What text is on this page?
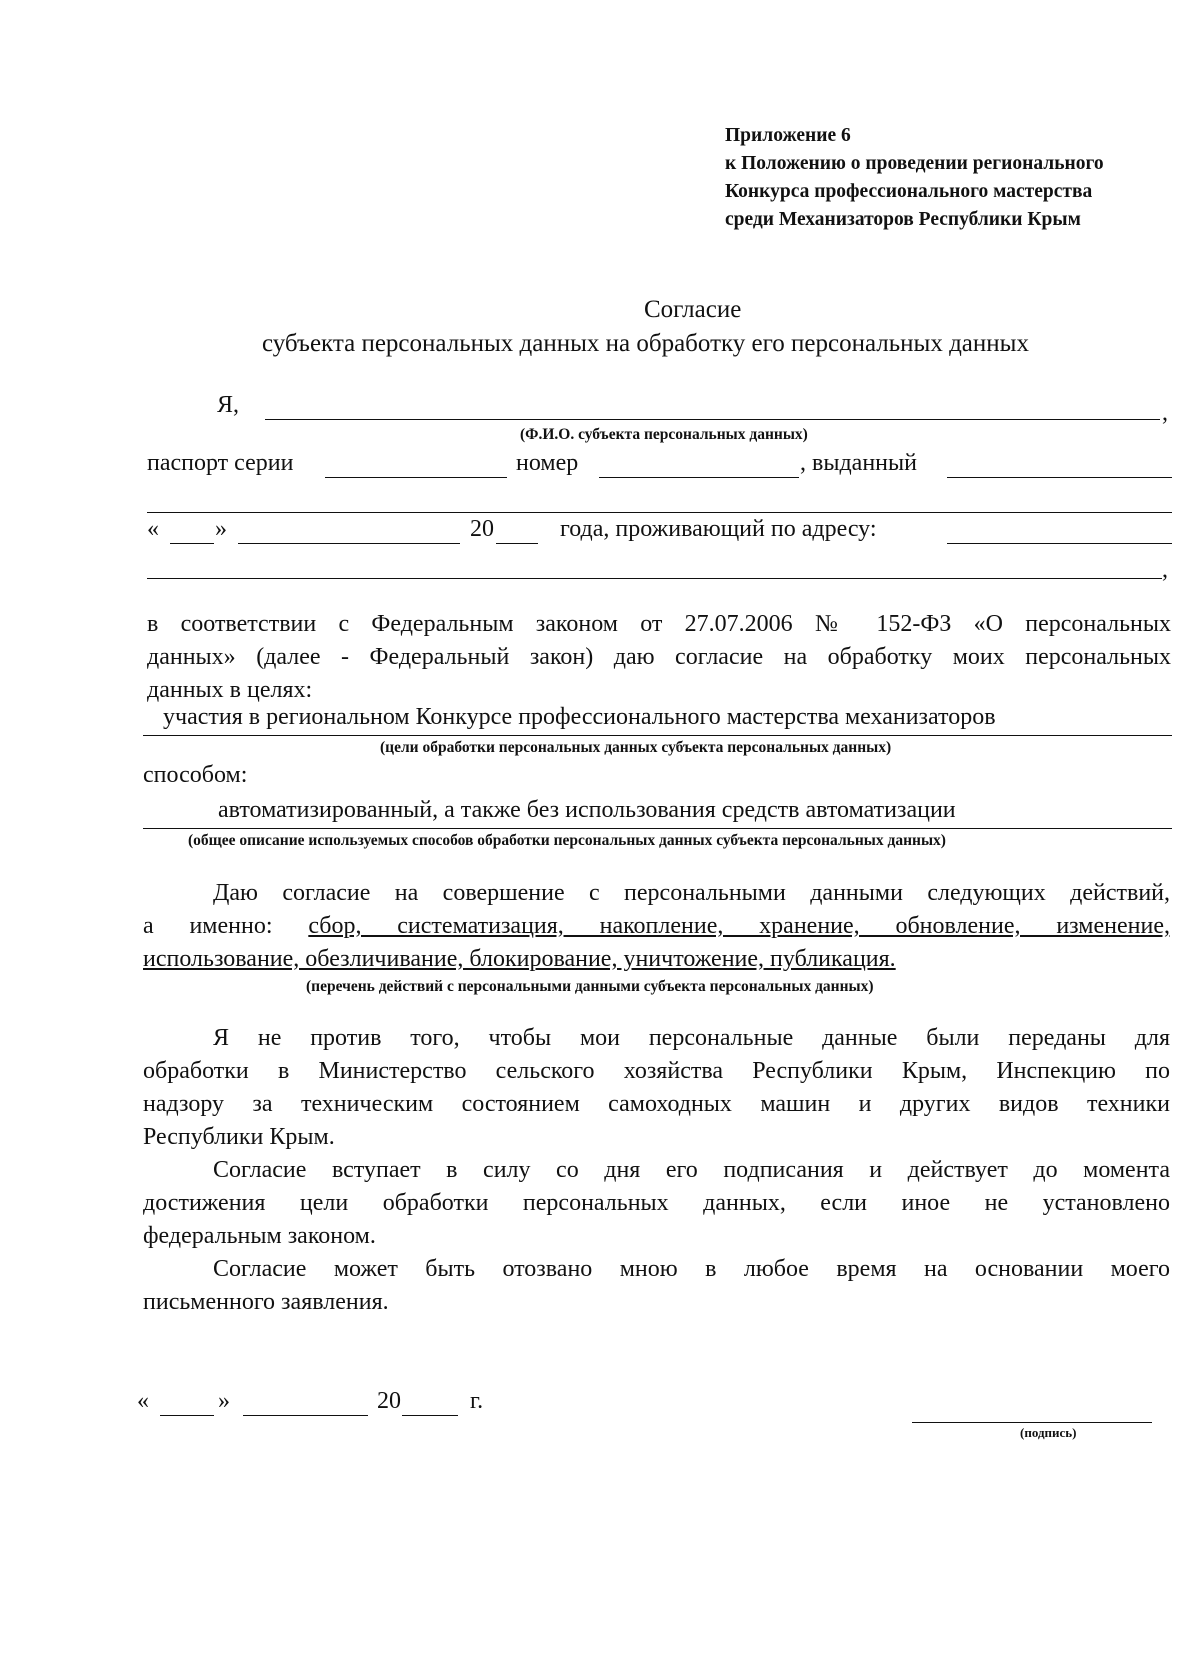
Приложение 6
к Положению о проведении регионального
Конкурса профессионального мастерства
среди Механизаторов Республики Крым
Согласие
субъекта персональных данных на обработку его персональных данных
Я,	,
(Ф.И.О. субъекта персональных данных)
паспорт серии	номер	, выданный
« »	20	года, проживающий по адресу:
,
в соответствии с Федеральным законом от 27.07.2006 № 152-ФЗ «О персональных
данных» (далее - Федеральный закон) даю согласие на обработку моих персональных
данных в целях:
участия в региональном Конкурсе профессионального мастерства механизаторов
(цели обработки персональных данных субъекта персональных данных)
способом:
автоматизированный, а также без использования средств автоматизации
(общее описание используемых способов обработки персональных данных субъекта персональных данных)
Даю согласие на совершение с персональными данными следующих действий,
а именно: сбор, систематизация, накопление, хранение, обновление, изменение,
использование, обезличивание, блокирование, уничтожение, публикация.
(перечень действий с персональными данными субъекта персональных данных)
Я не против того, чтобы мои персональные данные были переданы для
обработки в Министерство сельского хозяйства Республики Крым, Инспекцию по
надзору за техническим состоянием самоходных машин и других видов техники
Республики Крым.
Согласие вступает в силу со дня его подписания и действует до момента
достижения цели обработки персональных данных, если иное не установлено
федеральным законом.
Согласие может быть отозвано мною в любое время на основании моего
письменного заявления.
«	»	20	г.
(подпись)
